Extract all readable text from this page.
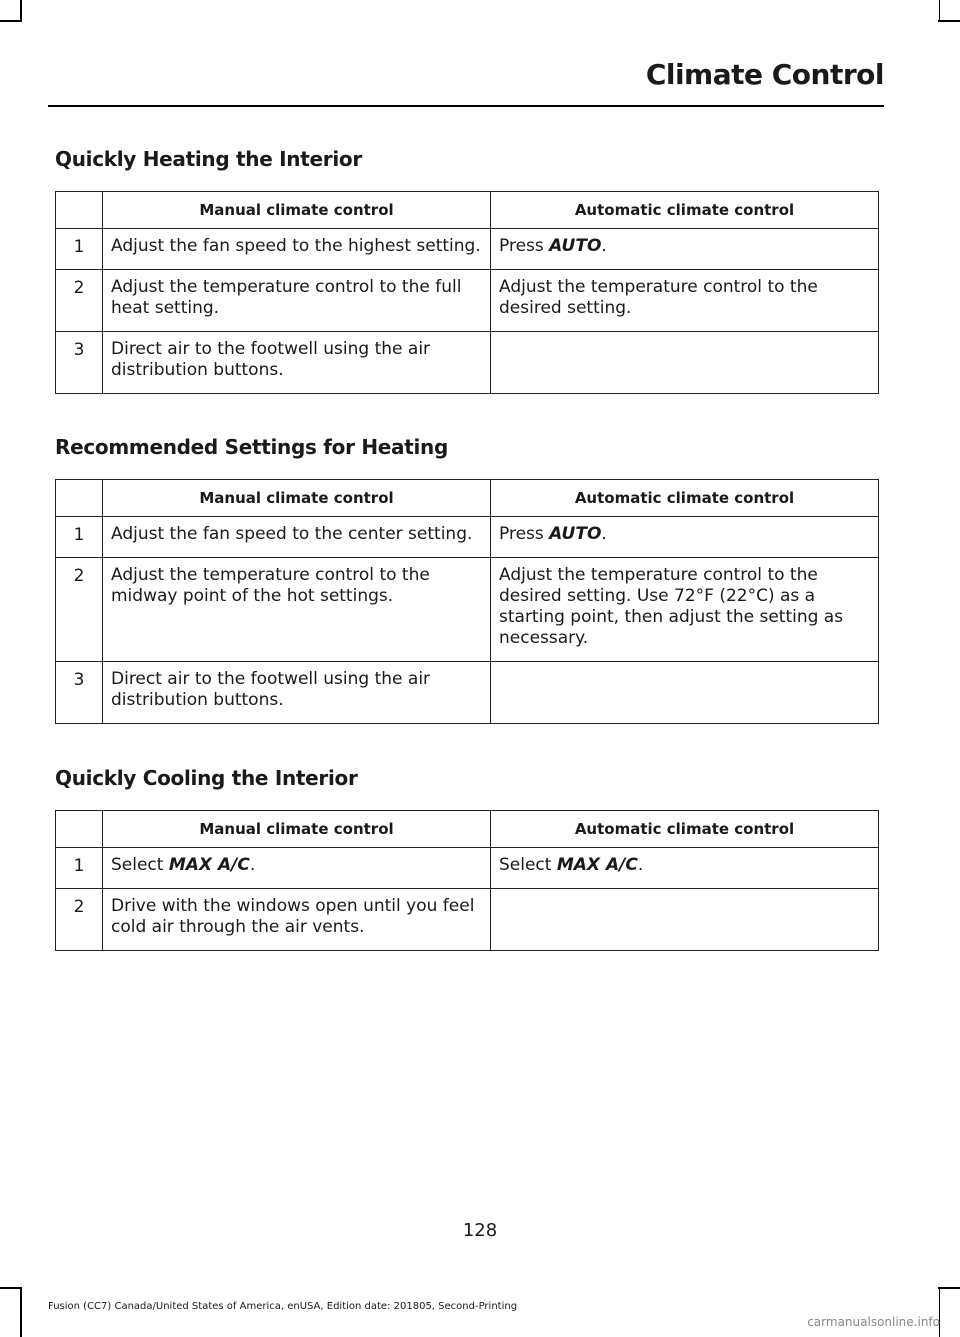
Climate Control
Quickly Heating the Interior
	Manual climate control	Automatic climate control
1	Adjust the fan speed to the highest setting.	Press AUTO.
2	Adjust the temperature control to the full heat setting.	Adjust the temperature control to the desired setting.
3	Direct air to the footwell using the air distribution buttons.	
Recommended Settings for Heating
	Manual climate control	Automatic climate control
1	Adjust the fan speed to the center setting.	Press AUTO.
2	Adjust the temperature control to the midway point of the hot settings.	Adjust the temperature control to the desired setting. Use 72°F (22°C) as a starting point, then adjust the setting as necessary.
3	Direct air to the footwell using the air distribution buttons.	
Quickly Cooling the Interior
	Manual climate control	Automatic climate control
1	Select MAX A/C.	Select MAX A/C.
2	Drive with the windows open until you feel cold air through the air vents.	
128
Fusion (CC7) Canada/United States of America, enUSA, Edition date: 201805, Second-Printing
carmanualsonline.info
